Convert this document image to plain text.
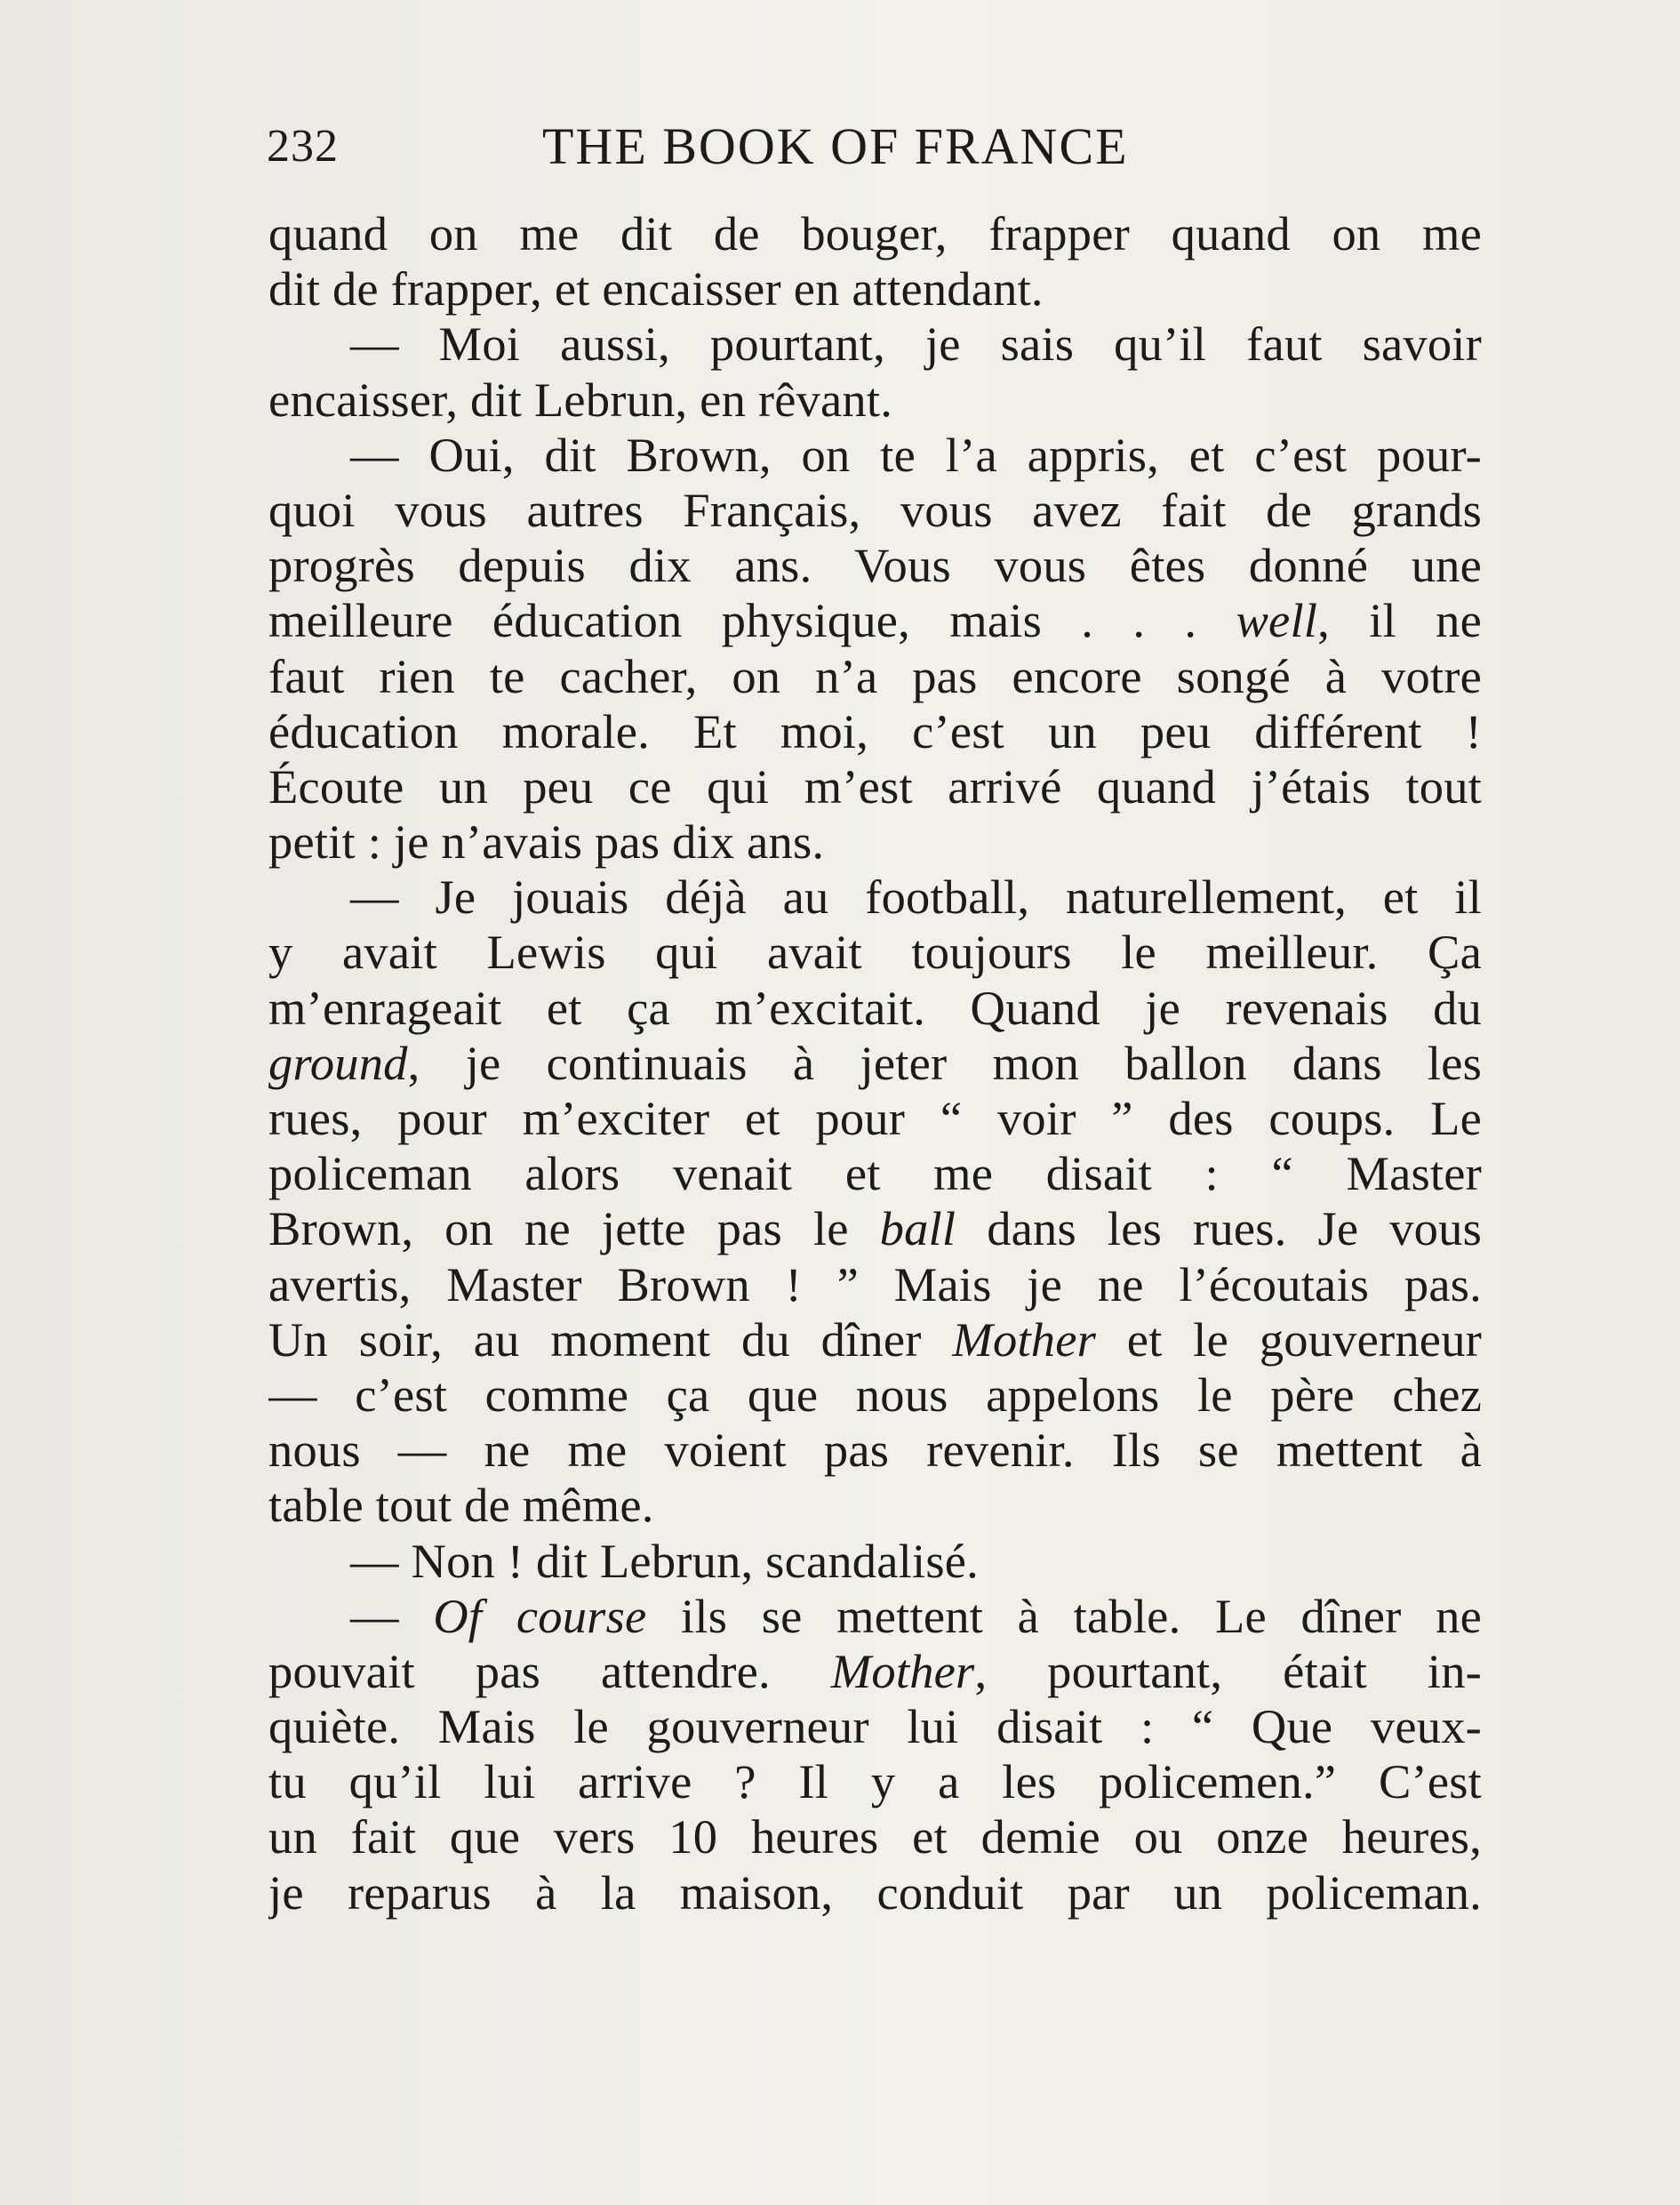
232	THE BOOK OF FRANCE
quand on me dit de bouger, frapper quand on me
dit de frapper, et encaisser en attendant.
— Moi aussi, pourtant, je sais qu’il faut savoir
encaisser, dit Lebrun, en rêvant.
— Oui, dit Brown, on te l’a appris, et c’est pour-
quoi vous autres Français, vous avez fait de grands
progrès depuis dix ans. Vous vous êtes donné une
meilleure éducation physique, mais . . . well, il ne
faut rien te cacher, on n’a pas encore songé à votre
éducation morale. Et moi, c’est un peu différent !
Écoute un peu ce qui m’est arrivé quand j’étais tout
petit : je n’avais pas dix ans.
— Je jouais déjà au football, naturellement, et il
y avait Lewis qui avait toujours le meilleur. Ça
m’enrageait et ça m’excitait. Quand je revenais du
ground, je continuais à jeter mon ballon dans les
rues, pour m’exciter et pour “ voir ” des coups. Le
policeman alors venait et me disait : “ Master
Brown, on ne jette pas le ball dans les rues. Je vous
avertis, Master Brown ! ” Mais je ne l’écoutais pas.
Un soir, au moment du dîner Mother et le gouverneur
— c’est comme ça que nous appelons le père chez
nous — ne me voient pas revenir. Ils se mettent à
table tout de même.
— Non ! dit Lebrun, scandalisé.
— Of course ils se mettent à table. Le dîner ne
pouvait pas attendre. Mother, pourtant, était in-
quiète. Mais le gouverneur lui disait : “ Que veux-
tu qu’il lui arrive ? Il y a les policemen.” C’est
un fait que vers 10 heures et demie ou onze heures,
je reparus à la maison, conduit par un policeman.
